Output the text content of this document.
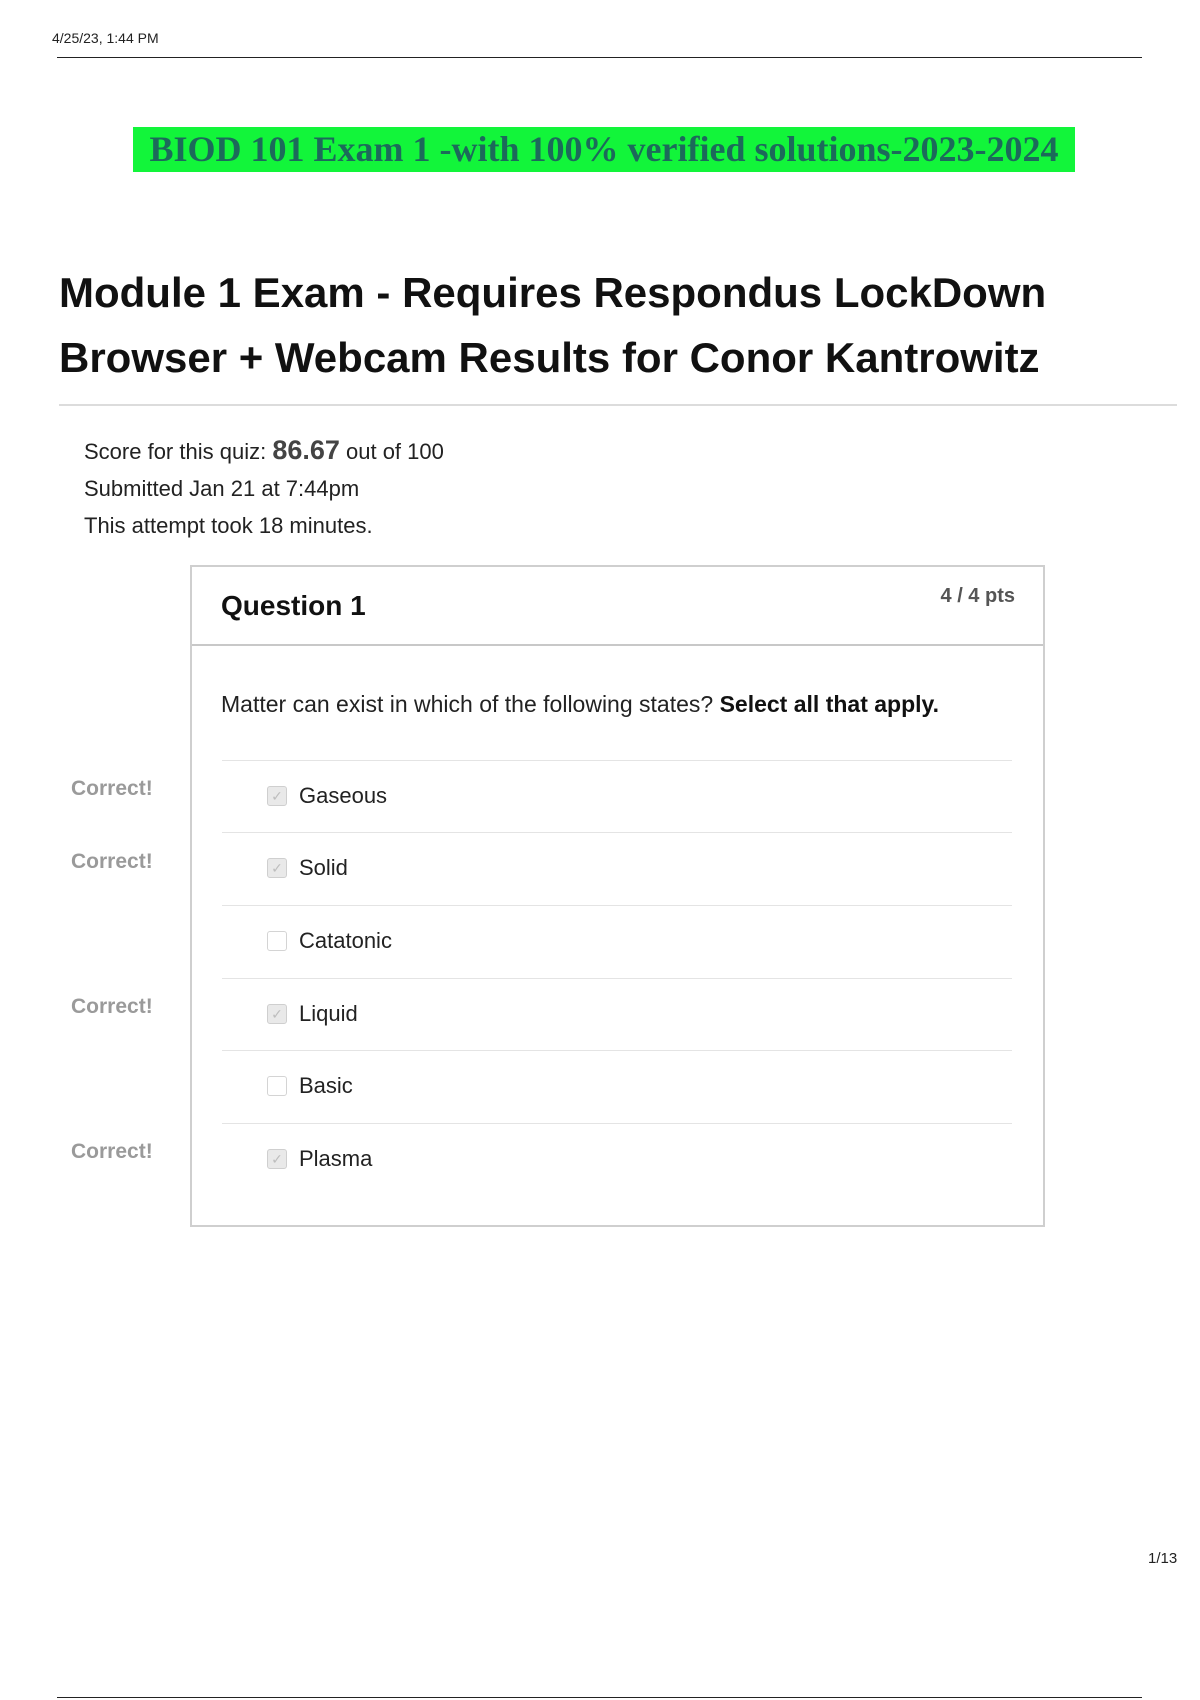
4/25/23, 1:44 PM
BIOD 101 Exam 1 -with 100% verified solutions-2023-2024
Module 1 Exam - Requires Respondus LockDown Browser + Webcam Results for Conor Kantrowitz
Score for this quiz: 86.67 out of 100
Submitted Jan 21 at 7:44pm
This attempt took 18 minutes.
Correct!
Correct!
Correct!
Correct!
Question 1	4 / 4 pts
Matter can exist in which of the following states? Select all that apply.
✓ Gaseous
✓ Solid
Catatonic
✓ Liquid
Basic
✓ Plasma
1/13
